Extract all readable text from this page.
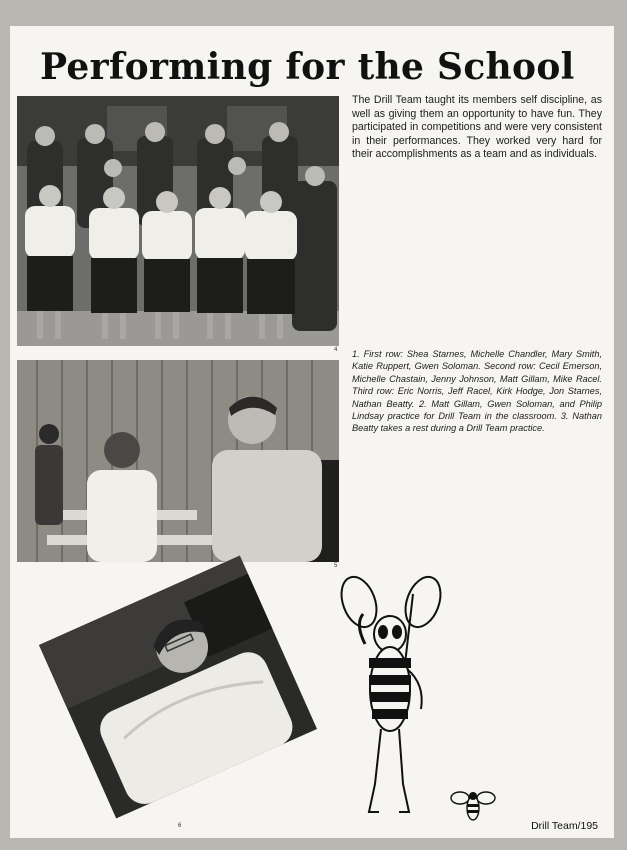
Performing for the School
4

The Drill Team taught its members self discipline, as well as giving them an opportunity to have fun. They participated in competitions and were very consistent in their performances. They worked very hard for their accomplishments as a team and as individuals.

5

1. First row: Shea Starnes, Michelle Chandler, Mary Smith, Katie Ruppert, Gwen Soloman. Second row: Cecil Emerson, Michelle Chastain, Jenny Johnson, Matt Gillam, Mike Racel. Third row: Eric Norris, Jeff Racel, Kirk Hodge, Jon Starnes, Nathan Beatty. 2. Matt Gillam, Gwen Soloman, and Philip Lindsay practice for Drill Team in the classroom. 3. Nathan Beatty takes a rest during a Drill Team practice.

6	Drill Team/195
